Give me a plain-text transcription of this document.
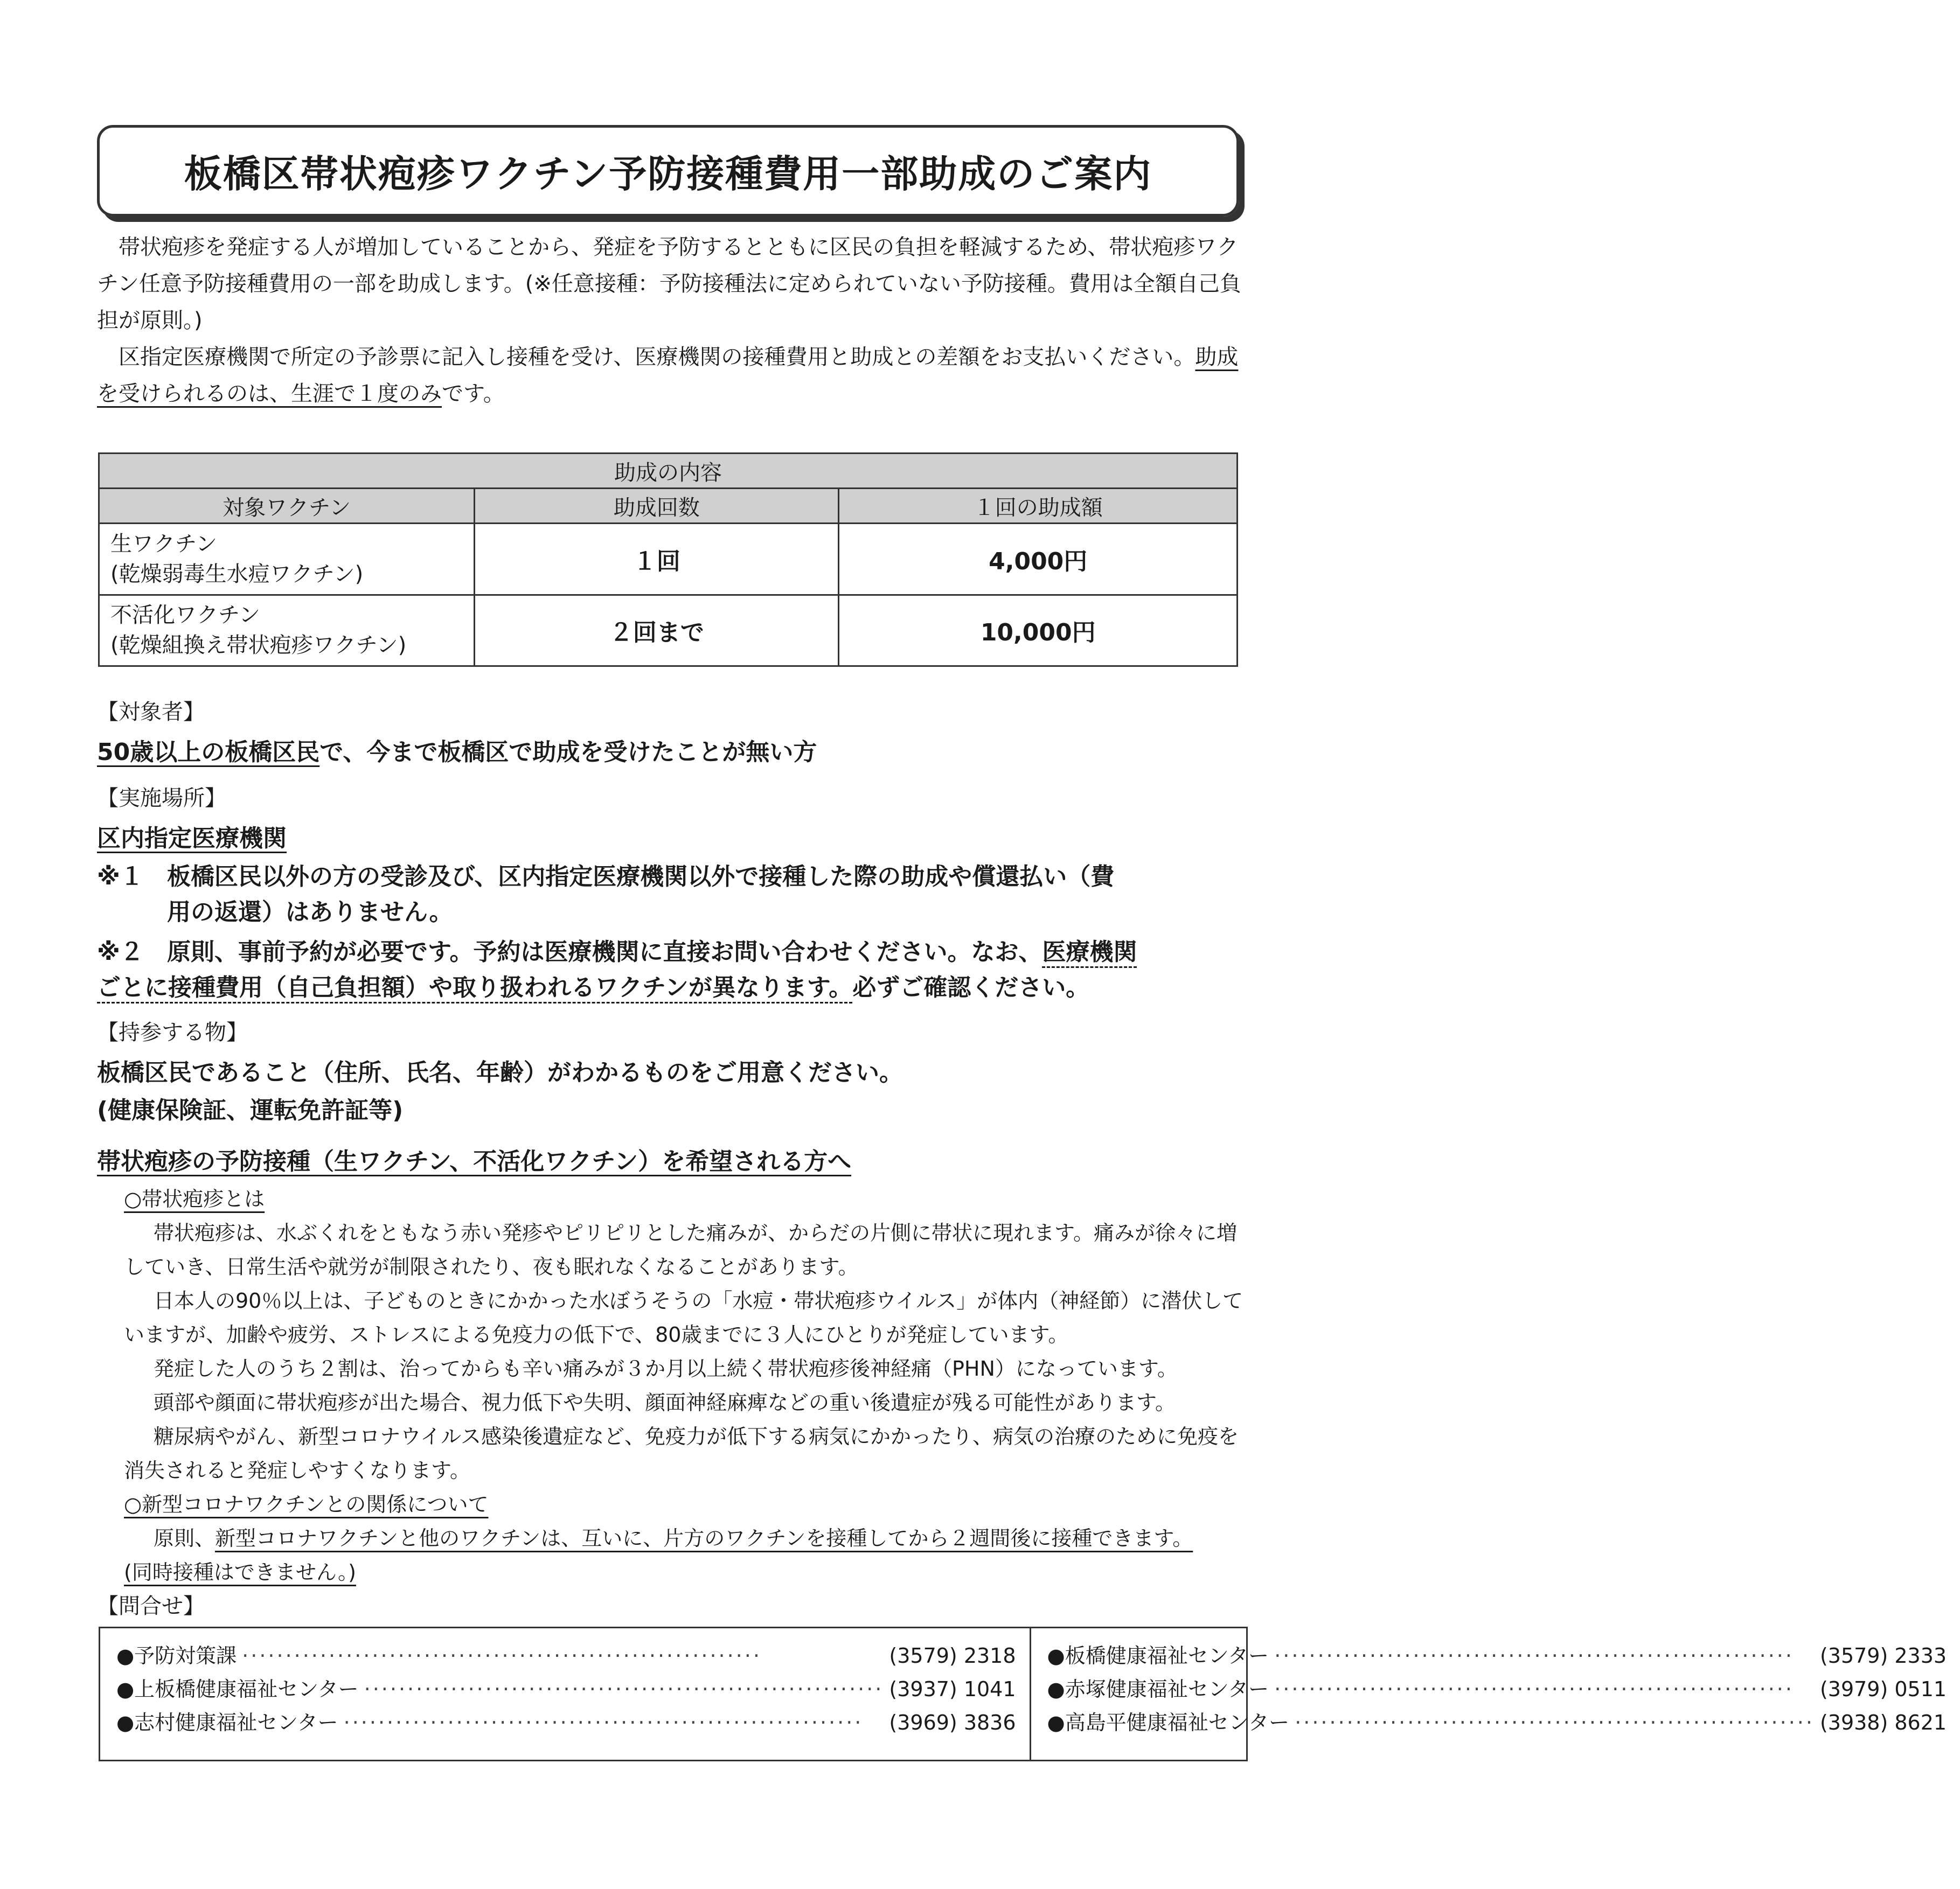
板橋区帯状疱疹ワクチン予防接種費用一部助成のご案内

帯状疱疹を発症する人が増加していることから、発症を予防するとともに区民の負担を軽減するため、帯状疱疹ワクチン任意予防接種費用の一部を助成します。(※任意接種：予防接種法に定められていない予防接種。費用は全額自己負担が原則。)

区指定医療機関で所定の予診票に記入し接種を受け、医療機関の接種費用と助成との差額をお支払いください。助成を受けられるのは、生涯で１度のみです。

助成の内容		
対象ワクチン	助成回数	１回の助成額

生ワクチン
(乾燥弱毒生水痘ワクチン)	１回	4,000円

不活化ワクチン
(乾燥組換え帯状疱疹ワクチン)	２回まで	10,000円
【対象者】
50歳以上の板橋区民で、今まで板橋区で助成を受けたことが無い方
【実施場所】
区内指定医療機関
※１ 板橋区民以外の方の受診及び、区内指定医療機関以外で接種した際の助成や償還払い（費
用の返還）はありません。
※２ 原則、事前予約が必要です。予約は医療機関に直接お問い合わせください。なお、医療機関
ごとに接種費用（自己負担額）や取り扱われるワクチンが異なります。必ずご確認ください。
【持参する物】
板橋区民であること（住所、氏名、年齢）がわかるものをご用意ください。
(健康保険証、運転免許証等)
帯状疱疹の予防接種（生ワクチン、不活化ワクチン）を希望される方へ

○帯状疱疹とは

帯状疱疹は、水ぶくれをともなう赤い発疹やピリピリとした痛みが、からだの片側に帯状に現れます。痛みが徐々に増していき、日常生活や就労が制限されたり、夜も眠れなくなることがあります。

日本人の90％以上は、子どものときにかかった水ぼうそうの「水痘・帯状疱疹ウイルス」が体内（神経節）に潜伏していますが、加齢や疲労、ストレスによる免疫力の低下で、80歳までに３人にひとりが発症しています。

発症した人のうち２割は、治ってからも辛い痛みが３か月以上続く帯状疱疹後神経痛（PHN）になっています。

頭部や顔面に帯状疱疹が出た場合、視力低下や失明、顔面神経麻痺などの重い後遺症が残る可能性があります。

糖尿病やがん、新型コロナウイルス感染後遺症など、免疫力が低下する病気にかかったり、病気の治療のために免疫を消失されると発症しやすくなります。

○新型コロナワクチンとの関係について

原則、新型コロナワクチンと他のワクチンは、互いに、片方のワクチンを接種してから２週間後に接種できます。

(同時接種はできません。)

【問合せ】
●予防対策課 ····························································	(3579) 2318
●上板橋健康福祉センター ···························································· (3937) 1041
●志村健康福祉センター ····························································	(3969) 3836
●板橋健康福祉センター ····························································	(3579) 2333
●赤塚健康福祉センター ····························································	(3979) 0511
●高島平健康福祉センター ···························································· (3938) 8621
